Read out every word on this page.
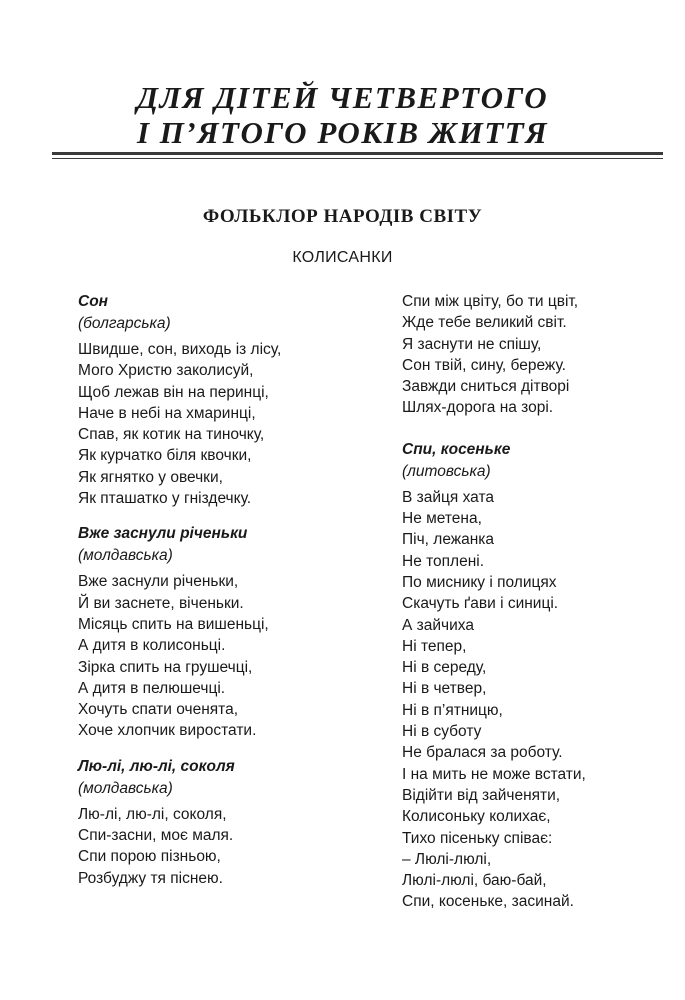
ДЛЯ ДІТЕЙ ЧЕТВЕРТОГО
І П’ЯТОГО РОКІВ ЖИТТЯ
ФОЛЬКЛОР НАРОДІВ СВІТУ
КОЛИСАНКИ
Сон
(болгарська)
Швидше, сон, виходь із лісу,
Мого Христю заколисуй,
Щоб лежав він на перинці,
Наче в небі на хмаринці,
Спав, як котик на тиночку,
Як курчатко біля квочки,
Як ягнятко у овечки,
Як пташатко у гніздечку.
Вже заснули річеньки
(молдавська)
Вже заснули річеньки,
Й ви заснете, віченьки.
Місяць спить на вишеньці,
А дитя в колисоньці.
Зірка спить на грушечці,
А дитя в пелюшечці.
Хочуть спати оченята,
Хоче хлопчик виростати.
Лю-лі, лю-лі, соколя
(молдавська)
Лю-лі, лю-лі, соколя,
Спи-засни, моє маля.
Спи порою пізньою,
Розбуджу тя піснею.
Спи між цвіту, бо ти цвіт,
Жде тебе великий світ.
Я заснути не спішу,
Сон твій, сину, бережу.
Завжди сниться дітворі
Шлях-дорога на зорі.
Спи, косеньке
(литовська)
В зайця хата
Не метена,
Піч, лежанка
Не топлені.
По миснику і полицях
Скачуть ґави і синиці.
А зайчиха
Ні тепер,
Ні в середу,
Ні в четвер,
Ні в п’ятницю,
Ні в суботу
Не бралася за роботу.
І на мить не може встати,
Відійти від зайченяти,
Колисоньку колихає,
Тихо пісеньку співає:
– Люлі-люлі,
Люлі-люлі, баю-бай,
Спи, косеньке, засинай.
